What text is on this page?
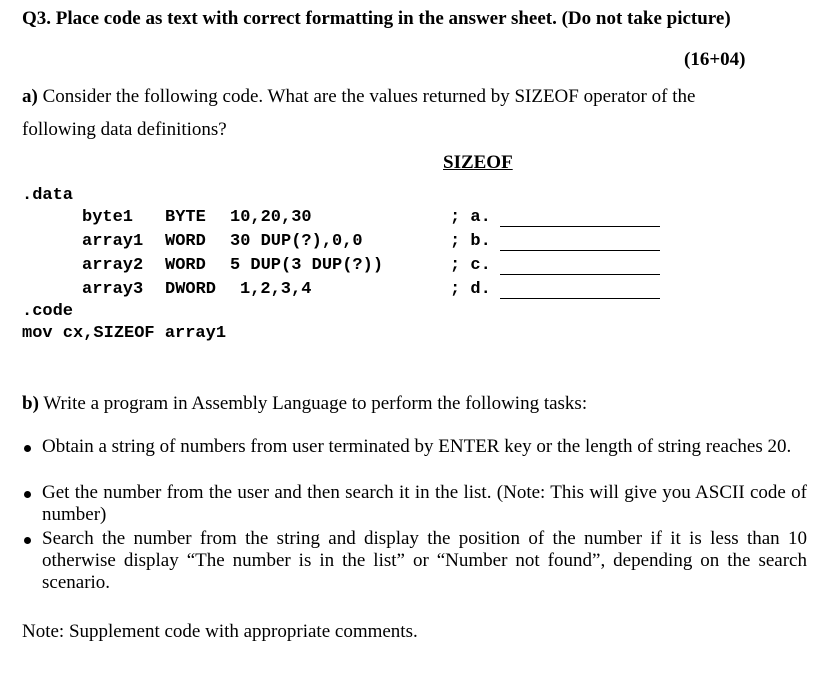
Q3. Place code as text with correct formatting in the answer sheet. (Do not take picture)
(16+04)
a) Consider the following code. What are the values returned by SIZEOF operator of the
following data definitions?
SIZEOF
.data
byte1 BYTE 10,20,30	; a.
array1 WORD 30 DUP(?),0,0	; b.
array2 WORD 5 DUP(3 DUP(?))	; c.
array3 DWORD 1,2,3,4	; d.
.code
mov cx,SIZEOF array1
b) Write a program in Assembly Language to perform the following tasks:
Obtain a string of numbers from user terminated by ENTER key or the length of string reaches 20.
Get the number from the user and then search it in the list. (Note: This will give you ASCII code of number)
Search the number from the string and display the position of the number if it is less than 10 otherwise display “The number is in the list” or “Number not found”, depending on the search scenario.
Note: Supplement code with appropriate comments.
